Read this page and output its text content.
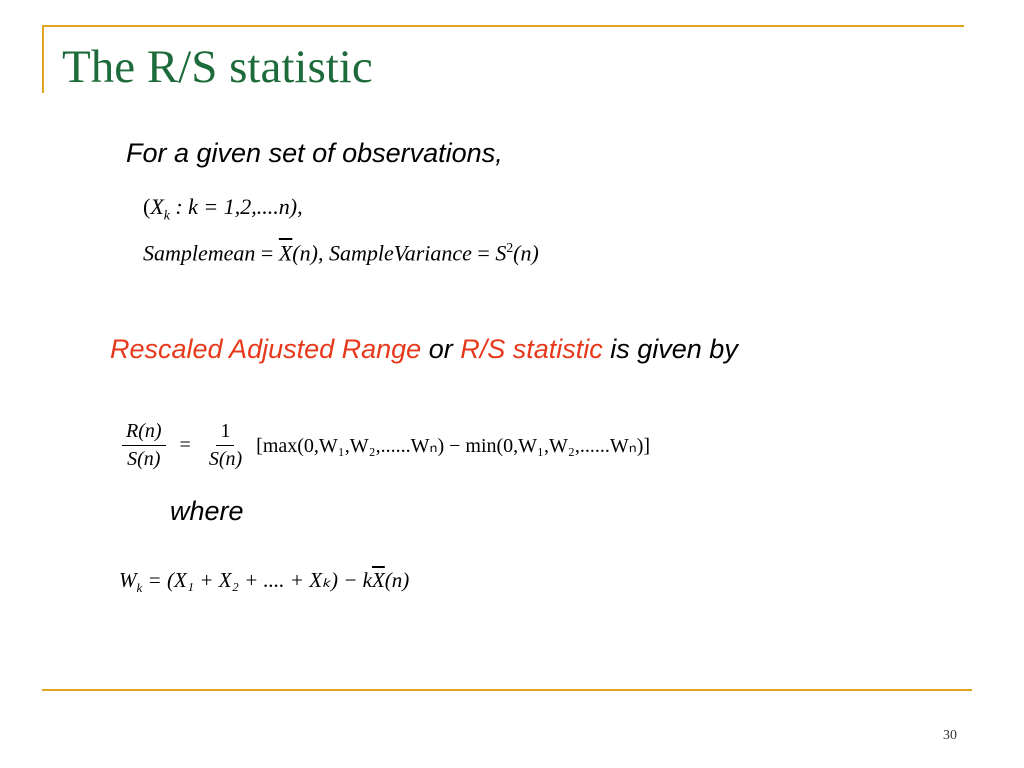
The R/S statistic
For a given set of observations,
($X_k$ : k = 1,2,....n),
Samplemean = $\overline{X}(n)$, SampleVariance = $S^2(n)$
Rescaled Adjusted Range or R/S statistic is given by
$\frac{R(n)}{S(n)} = \frac{1}{S(n)} [\max(0,W_1,W_2,......W_n) - \min(0,W_1,W_2,......W_n)]$
where
$W_k = (X_1 + X_2$ + .... + $X_k) - k\overline{X}(n)$
30
